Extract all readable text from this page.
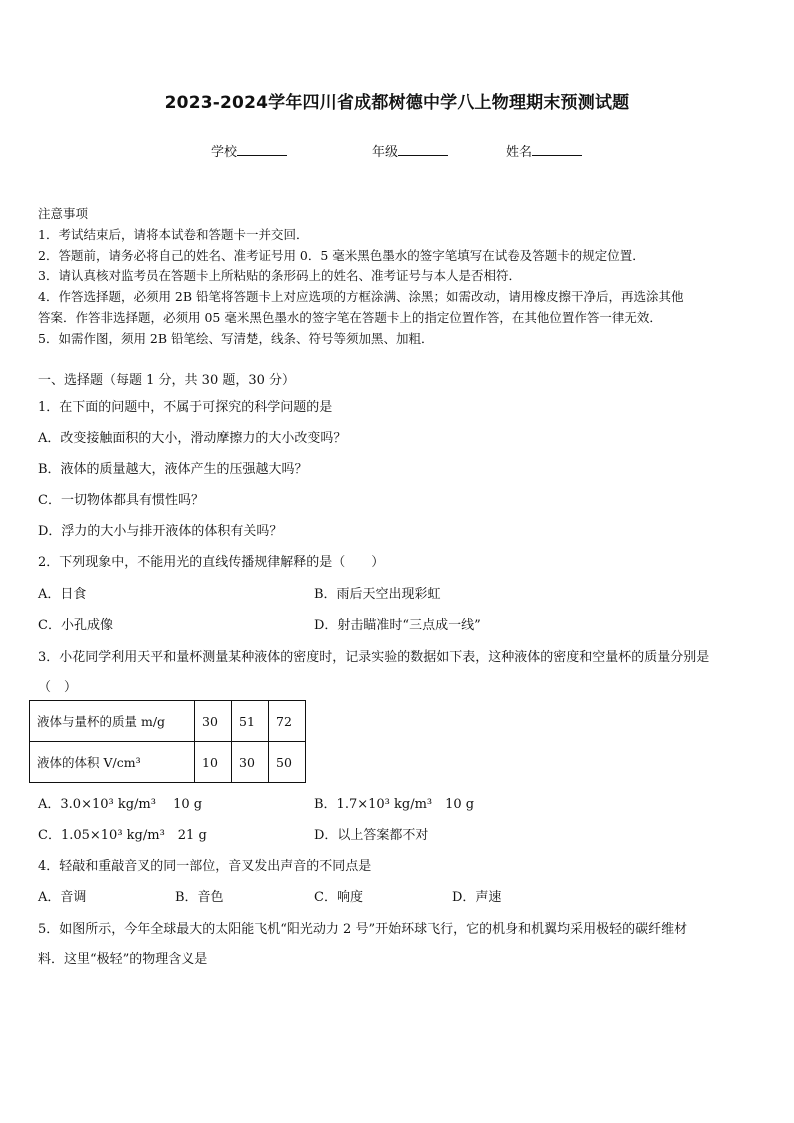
2023-2024学年四川省成都树德中学八上物理期末预测试题
学校	年级	姓名
注意事项
1．考试结束后，请将本试卷和答题卡一并交回．
2．答题前，请务必将自己的姓名、准考证号用 0．5 毫米黑色墨水的签字笔填写在试卷及答题卡的规定位置．
3．请认真核对监考员在答题卡上所粘贴的条形码上的姓名、准考证号与本人是否相符．
4．作答选择题，必须用 2B 铅笔将答题卡上对应选项的方框涂满、涂黑；如需改动，请用橡皮擦干净后，再选涂其他
答案．作答非选择题，必须用 05 毫米黑色墨水的签字笔在答题卡上的指定位置作答，在其他位置作答一律无效．
5．如需作图，须用 2B 铅笔绘、写清楚，线条、符号等须加黑、加粗．
一、选择题（每题 1 分，共 30 题，30 分）
1．在下面的问题中，不属于可探究的科学问题的是
A．改变接触面积的大小，滑动摩擦力的大小改变吗？
B．液体的质量越大，液体产生的压强越大吗？
C．一切物体都具有惯性吗？
D．浮力的大小与排开液体的体积有关吗？
2．下列现象中，不能用光的直线传播规律解释的是（　　）
A．日食	B．雨后天空出现彩虹
C．小孔成像	D．射击瞄准时“三点成一线”
3．小花同学利用天平和量杯测量某种液体的密度时，记录实验的数据如下表，这种液体的密度和空量杯的质量分别是
（　）
液体与量杯的质量 m/g	30	51	72
液体的体积 V/cm³	10	30	50
A．3.0×10³ kg/m³　 10 g	B．1.7×10³ kg/m³　10 g
C．1.05×10³ kg/m³　21 g	D．以上答案都不对
4．轻敲和重敲音叉的同一部位，音叉发出声音的不同点是
A．音调	B．音色	C．响度	D．声速
5．如图所示，今年全球最大的太阳能飞机“阳光动力 2 号”开始环球飞行，它的机身和机翼均采用极轻的碳纤维材
料．这里“极轻”的物理含义是
